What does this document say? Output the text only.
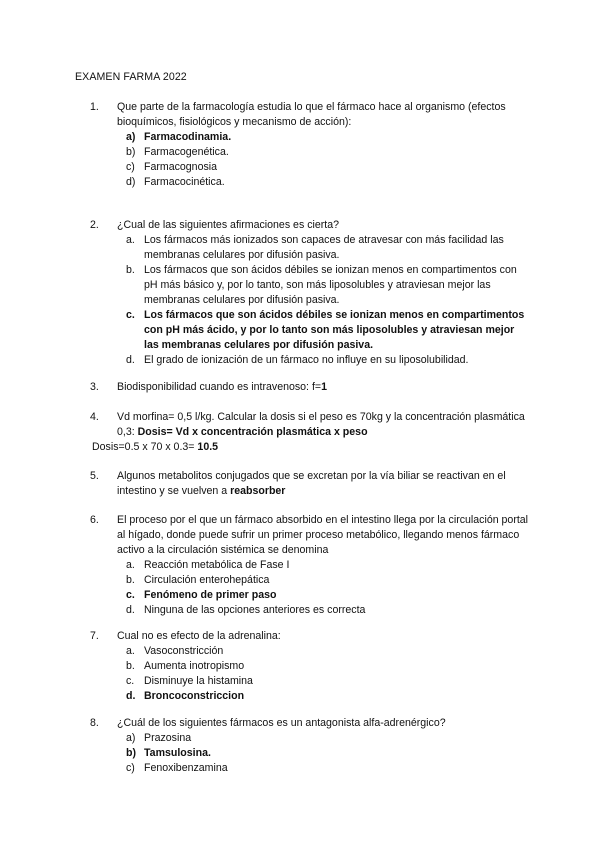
EXAMEN FARMA 2022
1. Que parte de la farmacología estudia lo que el fármaco hace al organismo (efectos bioquímicos, fisiológicos y mecanismo de acción):
a) Farmacodinamia.
b) Farmacogenética.
c) Farmacognosia
d) Farmacocinética.
2. ¿Cual de las siguientes afirmaciones es cierta?
a. Los fármacos más ionizados son capaces de atravesar con más facilidad las membranas celulares por difusión pasiva.
b. Los fármacos que son ácidos débiles se ionizan menos en compartimentos con pH más básico y, por lo tanto, son más liposolubles y atraviesan mejor las membranas celulares por difusión pasiva.
c. Los fármacos que son ácidos débiles se ionizan menos en compartimentos con pH más ácido, y por lo tanto son más liposolubles y atraviesan mejor las membranas celulares por difusión pasiva.
d. El grado de ionización de un fármaco no influye en su liposolubilidad.
3. Biodisponibilidad cuando es intravenoso: f=1
4. Vd morfina= 0,5 l/kg. Calcular la dosis si el peso es 70kg y la concentración plasmática 0,3: Dosis= Vd x concentración plasmática x peso
Dosis=0.5 x 70 x 0.3= 10.5
5. Algunos metabolitos conjugados que se excretan por la vía biliar se reactivan en el intestino y se vuelven a reabsorber
6. El proceso por el que un fármaco absorbido en el intestino llega por la circulación portal al hígado, donde puede sufrir un primer proceso metabólico, llegando menos fármaco activo a la circulación sistémica se denomina
a. Reacción metabólica de Fase I
b. Circulación enterohepática
c. Fenómeno de primer paso
d. Ninguna de las opciones anteriores es correcta
7. Cual no es efecto de la adrenalina:
a. Vasoconstricción
b. Aumenta inotropismo
c. Disminuye la histamina
d. Broncoconstriccion
8. ¿Cuál de los siguientes fármacos es un antagonista alfa-adrenérgico?
a) Prazosina
b) Tamsulosina.
c) Fenoxibenzamina
